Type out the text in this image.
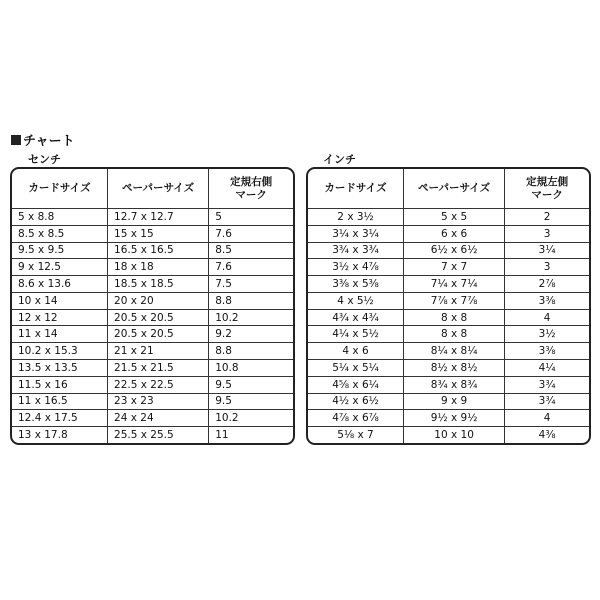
チャート
センチ	インチ
カードサイズ	ペーパーサイズ	定規右側
マーク
5 x 8.8	12.7 x 12.7	5
8.5 x 8.5	15 x 15	7.6
9.5 x 9.5	16.5 x 16.5	8.5
9 x 12.5	18 x 18	7.6
8.6 x 13.6	18.5 x 18.5	7.5
10 x 14	20 x 20	8.8
12 x 12	20.5 x 20.5	10.2
11 x 14	20.5 x 20.5	9.2
10.2 x 15.3	21 x 21	8.8
13.5 x 13.5	21.5 x 21.5	10.8
11.5 x 16	22.5 x 22.5	9.5
11 x 16.5	23 x 23	9.5
12.4 x 17.5	24 x 24	10.2
13 x 17.8	25.5 x 25.5	11
カードサイズ	ペーパーサイズ	定規左側
マーク
2 x 3½	5 x 5	2
3¼ x 3¼	6 x 6	3
3¾ x 3¾	6½ x 6½	3¼
3½ x 4⅞	7 x 7	3
3⅜ x 5⅜	7¼ x 7¼	2⅞
4 x 5½	7⅞ x 7⅞	3⅜
4¾ x 4¾	8 x 8	4
4¼ x 5½	8 x 8	3½
4 x 6	8¼ x 8¼	3⅜
5¼ x 5¼	8½ x 8½	4¼
4⅝ x 6¼	8¾ x 8¾	3¾
4½ x 6½	9 x 9	3¾
4⅞ x 6⅞	9½ x 9½	4
5⅛ x 7	10 x 10	4⅜
